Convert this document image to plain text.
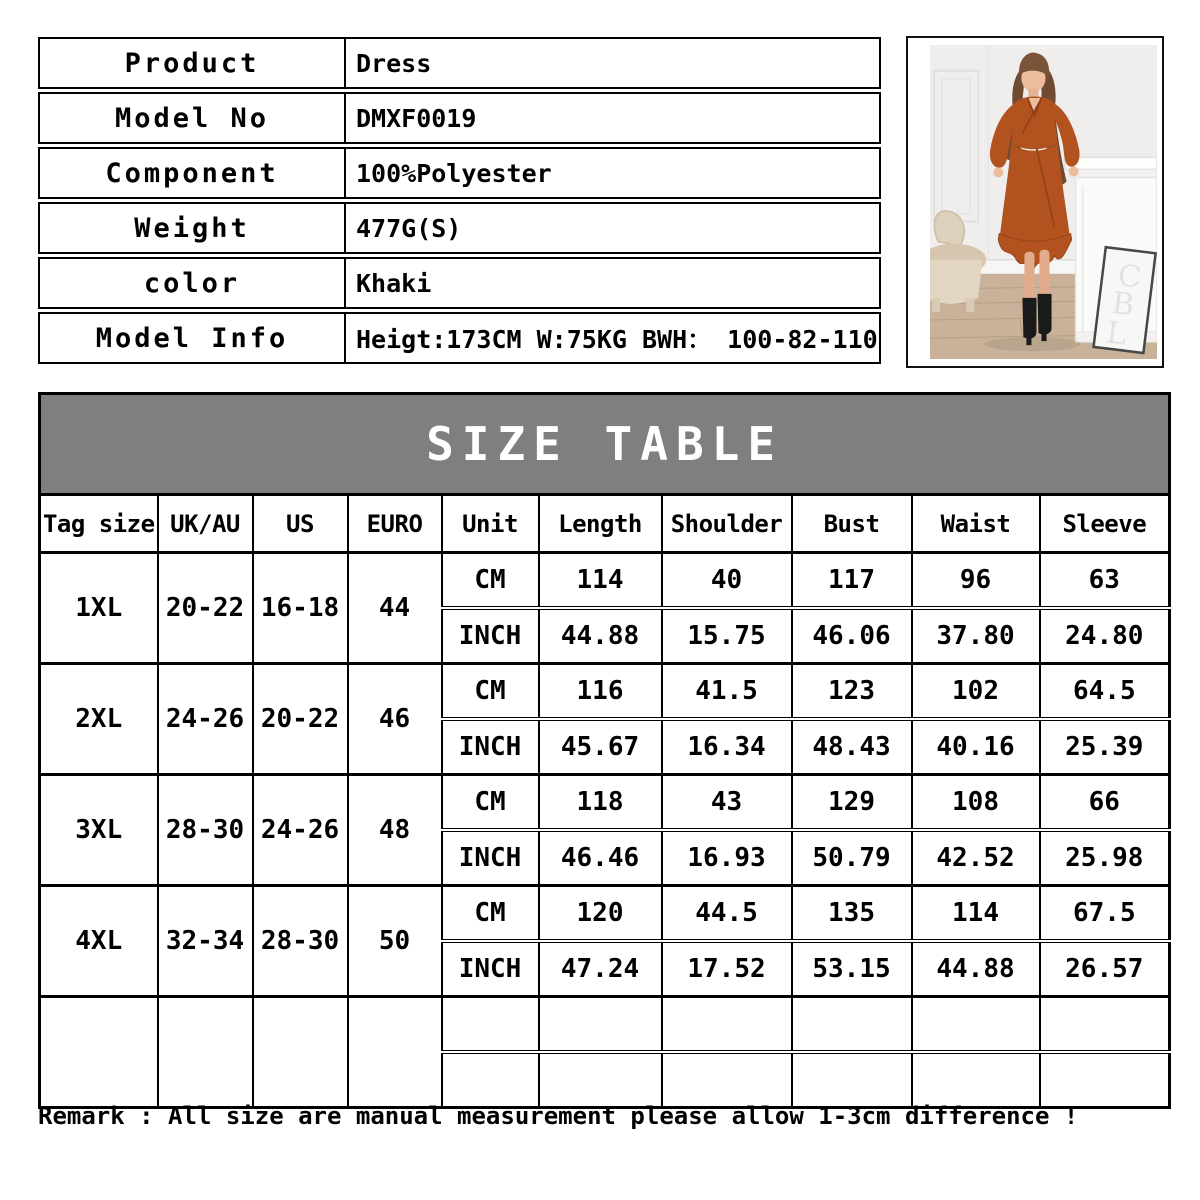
Product	Dress
Model No	DMXF0019
Component	100%Polyester
Weight	477G(S)
color	Khaki
Model Info	Heigt:173CM W:75KG BWH： 100-82-110
C
B
L
SIZE TABLE									
Tag size	UK/AU	US	EURO	Unit	Length	Shoulder	Bust	Waist	Sleeve
1XL	20-22	16-18	44	CM	114	40	117	96	63
				INCH	44.88	15.75	46.06	37.80	24.80
2XL	24-26	20-22	46	CM	116	41.5	123	102	64.5
				INCH	45.67	16.34	48.43	40.16	25.39
3XL	28-30	24-26	48	CM	118	43	129	108	66
				INCH	46.46	16.93	50.79	42.52	25.98
4XL	32-34	28-30	50	CM	120	44.5	135	114	67.5
				INCH	47.24	17.52	53.15	44.88	26.57

Remark : All size are manual measurement please allow 1-3cm difference !
